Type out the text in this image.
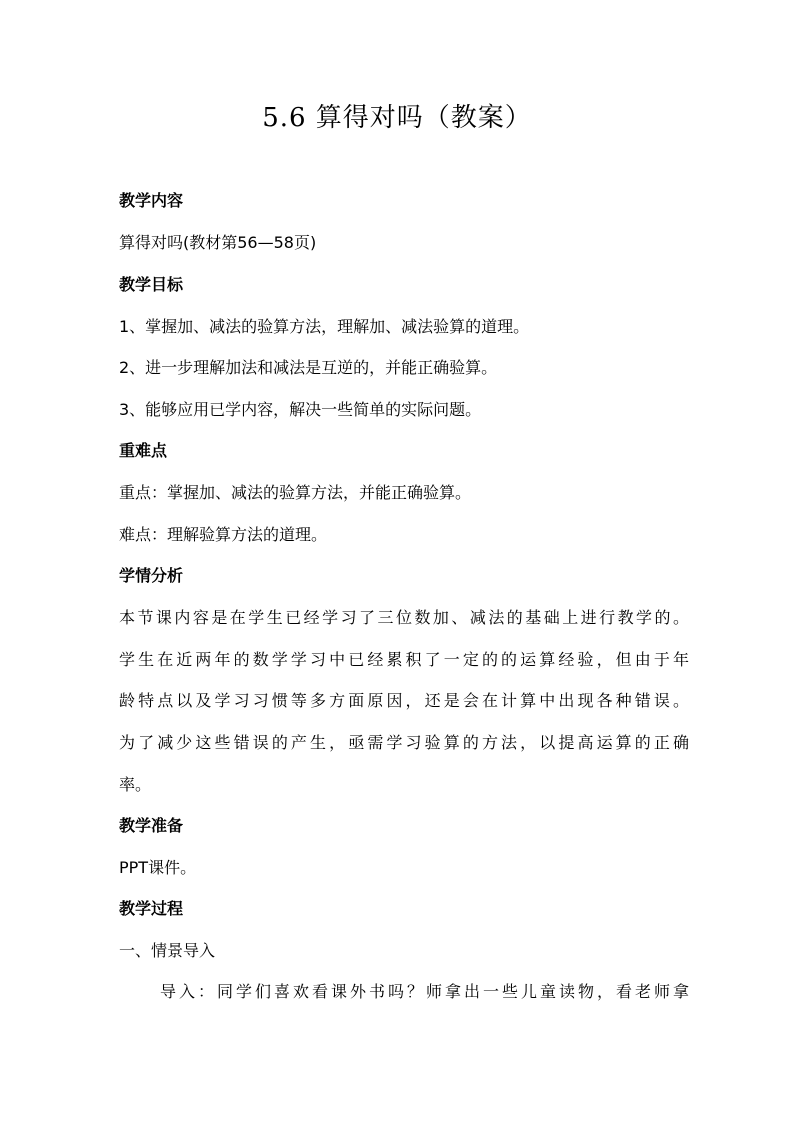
5.6 算得对吗（教案）
教学内容
算得对吗(教材第56—58页)
教学目标
1、掌握加、减法的验算方法，理解加、减法验算的道理。
2、进一步理解加法和减法是互逆的，并能正确验算。
3、能够应用已学内容，解决一些简单的实际问题。
重难点
重点：掌握加、减法的验算方法，并能正确验算。
难点：理解验算方法的道理。
学情分析
本节课内容是在学生已经学习了三位数加、减法的基础上进行教学的。
学生在近两年的数学学习中已经累积了一定的的运算经验，但由于年
龄特点以及学习习惯等多方面原因，还是会在计算中出现各种错误。
为了减少这些错误的产生，亟需学习验算的方法，以提高运算的正确
率。
教学准备
PPT课件。
教学过程
一、情景导入
导入：同学们喜欢看课外书吗？师拿出一些儿童读物，看老师拿
